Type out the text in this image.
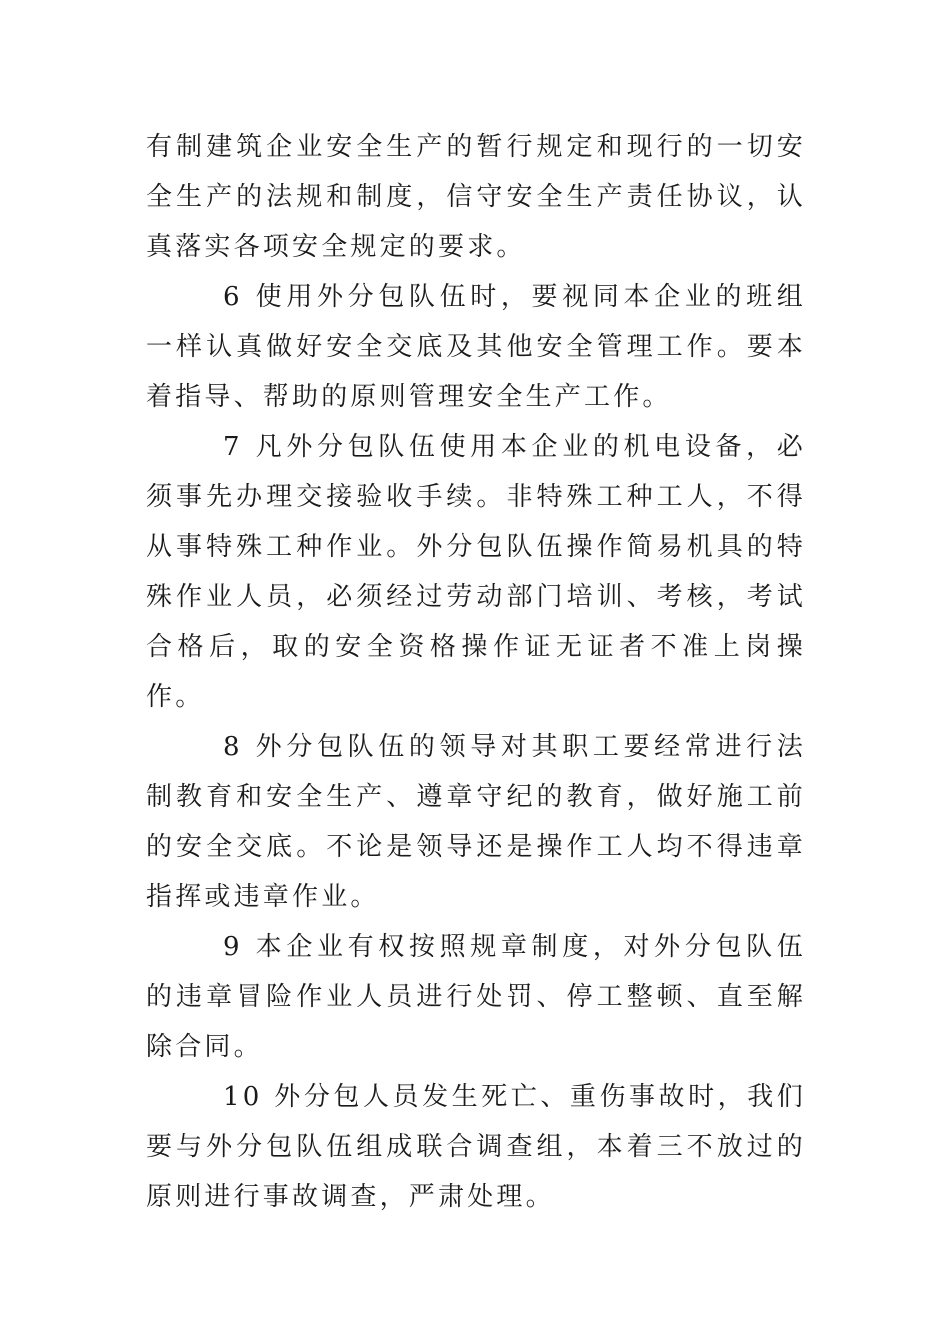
有制建筑企业安全生产的暂行规定和现行的一切安全生产的法规和制度，信守安全生产责任协议，认真落实各项安全规定的要求。

6 使用外分包队伍时，要视同本企业的班组一样认真做好安全交底及其他安全管理工作。要本着指导、帮助的原则管理安全生产工作。

7 凡外分包队伍使用本企业的机电设备，必须事先办理交接验收手续。非特殊工种工人，不得从事特殊工种作业。外分包队伍操作简易机具的特殊作业人员，必须经过劳动部门培训、考核，考试合格后，取的安全资格操作证无证者不准上岗操作。

8 外分包队伍的领导对其职工要经常进行法制教育和安全生产、遵章守纪的教育，做好施工前的安全交底。不论是领导还是操作工人均不得违章指挥或违章作业。

9 本企业有权按照规章制度，对外分包队伍的违章冒险作业人员进行处罚、停工整顿、直至解除合同。

10 外分包人员发生死亡、重伤事故时，我们要与外分包队伍组成联合调查组，本着三不放过的原则进行事故调查，严肃处理。
